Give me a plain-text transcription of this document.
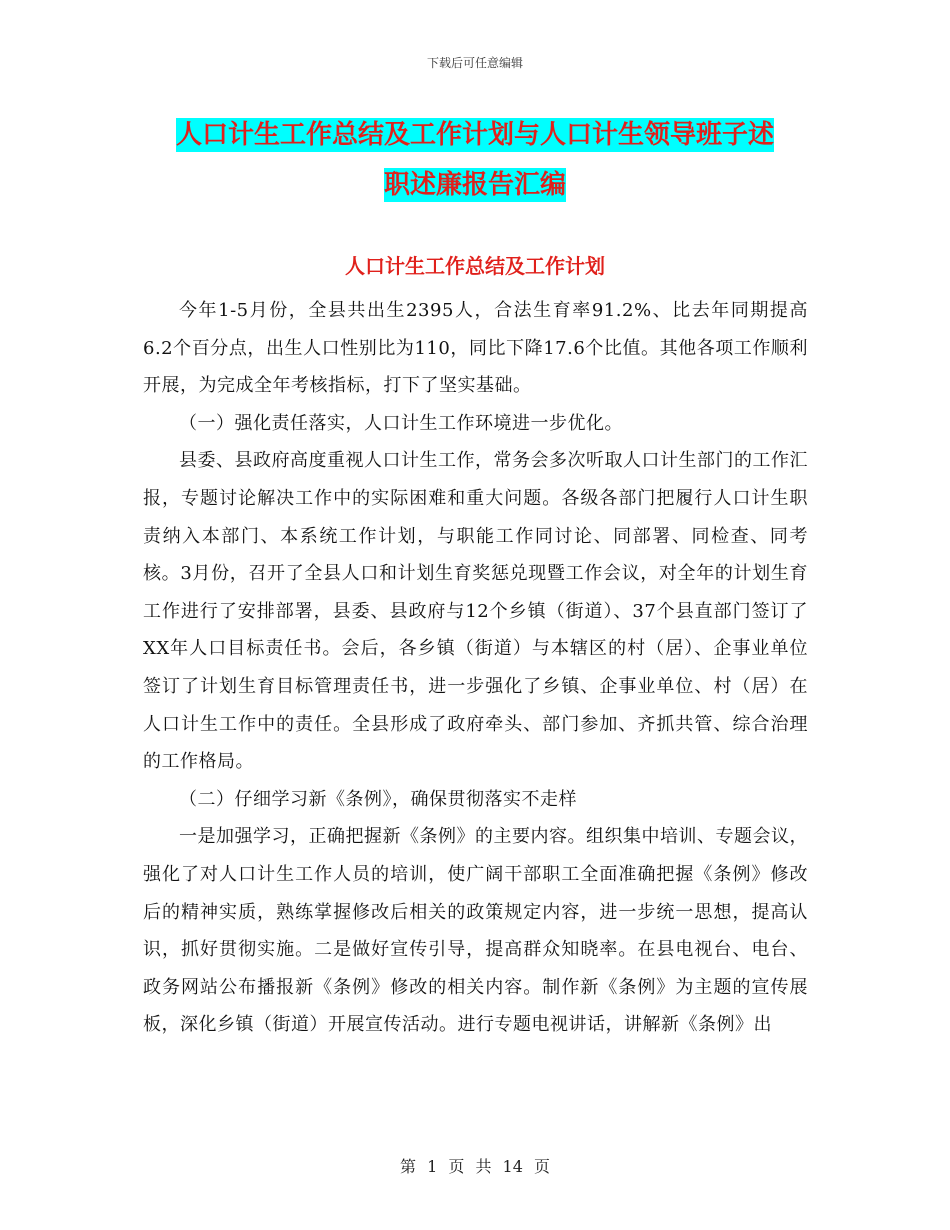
下载后可任意编辑
人口计生工作总结及工作计划与人口计生领导班子述
职述廉报告汇编
人口计生工作总结及工作计划

今年1-5月份，全县共出生2395人，合法生育率91.2%、比去年同期提高6.2个百分点，出生人口性别比为110，同比下降17.6个比值。其他各项工作顺利开展，为完成全年考核指标，打下了坚实基础。

（一）强化责任落实，人口计生工作环境进一步优化。

县委、县政府高度重视人口计生工作，常务会多次听取人口计生部门的工作汇报，专题讨论解决工作中的实际困难和重大问题。各级各部门把履行人口计生职责纳入本部门、本系统工作计划，与职能工作同讨论、同部署、同检查、同考核。3月份，召开了全县人口和计划生育奖惩兑现暨工作会议，对全年的计划生育工作进行了安排部署，县委、县政府与12个乡镇（街道）、37个县直部门签订了XX年人口目标责任书。会后，各乡镇（街道）与本辖区的村（居）、企事业单位签订了计划生育目标管理责任书，进一步强化了乡镇、企事业单位、村（居）在人口计生工作中的责任。全县形成了政府牵头、部门参加、齐抓共管、综合治理的工作格局。

（二）仔细学习新《条例》，确保贯彻落实不走样

一是加强学习，正确把握新《条例》的主要内容。组织集中培训、专题会议，强化了对人口计生工作人员的培训，使广阔干部职工全面准确把握《条例》修改后的精神实质，熟练掌握修改后相关的政策规定内容，进一步统一思想，提高认识，抓好贯彻实施。二是做好宣传引导，提高群众知晓率。在县电视台、电台、政务网站公布播报新《条例》修改的相关内容。制作新《条例》为主题的宣传展板，深化乡镇（街道）开展宣传活动。进行专题电视讲话，讲解新《条例》出

第 1 页 共 14 页
